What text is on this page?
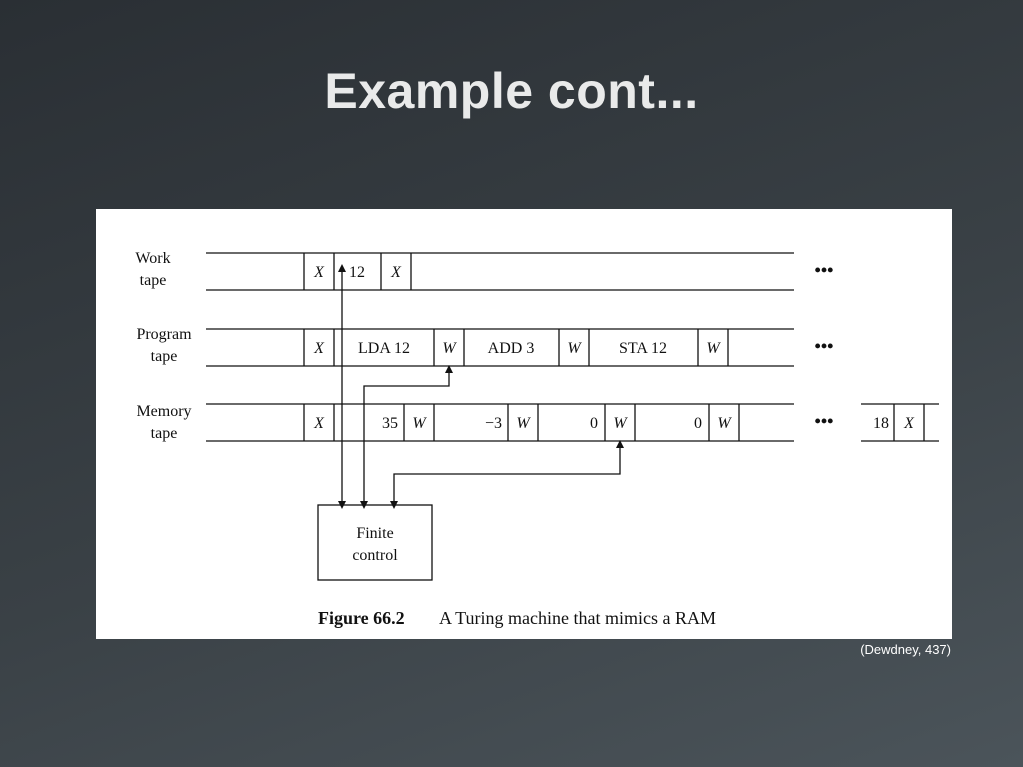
Example cont...
Work
tape	X 12 X	•••
Program
tape	X LDA 12 W ADD 3 W STA 12 W	•••
Memory
tape
X	35 W	−3 W	0 W	0 W	18 X
•••
Finite
control
Figure 66.2 A Turing machine that mimics a RAM
(Dewdney, 437)
